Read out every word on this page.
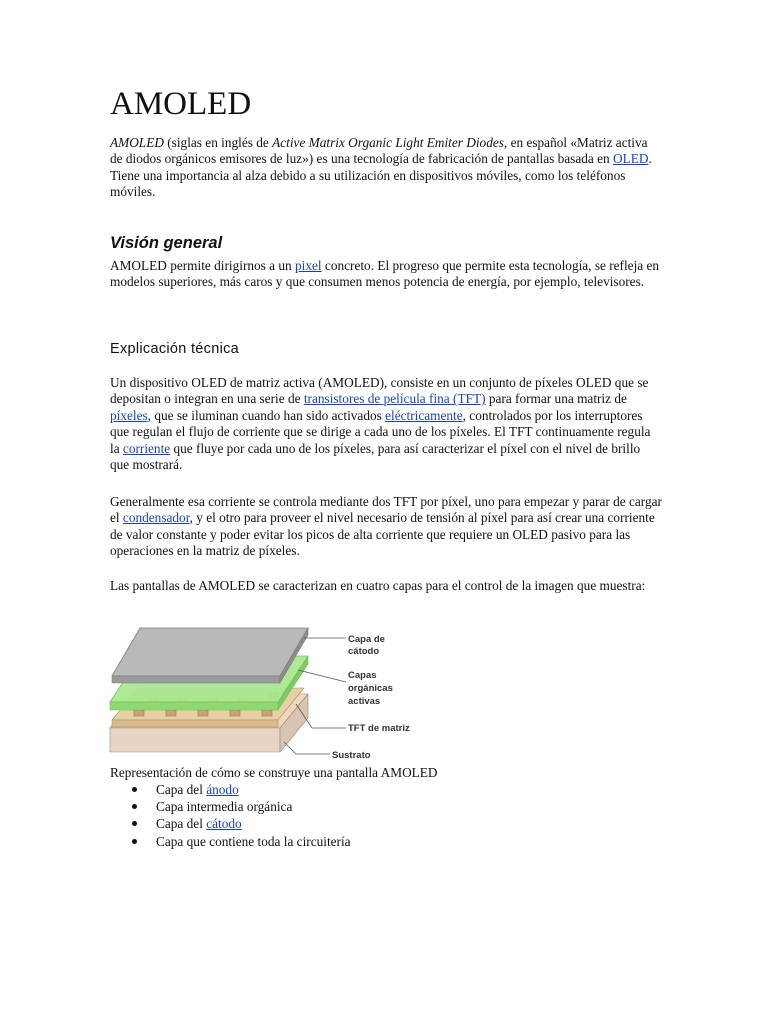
AMOLED

AMOLED (siglas en inglés de Active Matrix Organic Light Emiter Diodes, en español «Matriz activa de diodos orgánicos emisores de luz») es una tecnología de fabricación de pantallas basada en OLED. Tiene una importancia al alza debido a su utilización en dispositivos móviles, como los teléfonos móviles.

Visión general

AMOLED permite dirigirnos a un pixel concreto. El progreso que permite esta tecnología, se refleja en modelos superiores, más caros y que consumen menos potencia de energía, por ejemplo, televisores.

Explicación técnica

Un dispositivo OLED de matriz activa (AMOLED), consiste en un conjunto de píxeles OLED que se depositan o integran en una serie de transistores de película fina (TFT) para formar una matriz de píxeles, que se iluminan cuando han sido activados eléctricamente, controlados por los interruptores que regulan el flujo de corriente que se dirige a cada uno de los píxeles. El TFT continuamente regula la corriente que fluye por cada uno de los píxeles, para así caracterizar el píxel con el nivel de brillo que mostrará.

Generalmente esa corriente se controla mediante dos TFT por píxel, uno para empezar y parar de cargar el condensador, y el otro para proveer el nivel necesario de tensión al píxel para así crear una corriente de valor constante y poder evitar los picos de alta corriente que requiere un OLED pasivo para las operaciones en la matriz de píxeles.

Las pantallas de AMOLED se caracterizan en cuatro capas para el control de la imagen que muestra:

Capa de
cátodo
Capas
orgánicas
activas
TFT de matriz
Sustrato
Representación de cómo se construye una pantalla AMOLED
Capa del ánodo
Capa intermedia orgánica
Capa del cátodo
Capa que contiene toda la circuitería
